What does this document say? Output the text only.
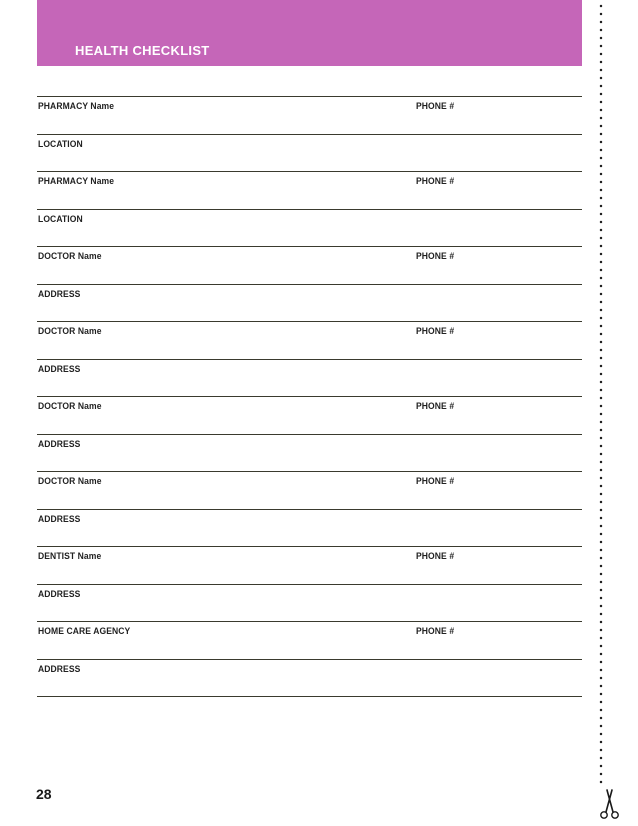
HEALTH CHECKLIST
PHARMACY Name	PHONE #
LOCATION
PHARMACY Name	PHONE #
LOCATION
DOCTOR Name	PHONE #
ADDRESS
DOCTOR Name	PHONE #
ADDRESS
DOCTOR Name	PHONE #
ADDRESS
DOCTOR Name	PHONE #
ADDRESS
DENTIST Name	PHONE #
ADDRESS
HOME CARE AGENCY	PHONE #
ADDRESS
28
